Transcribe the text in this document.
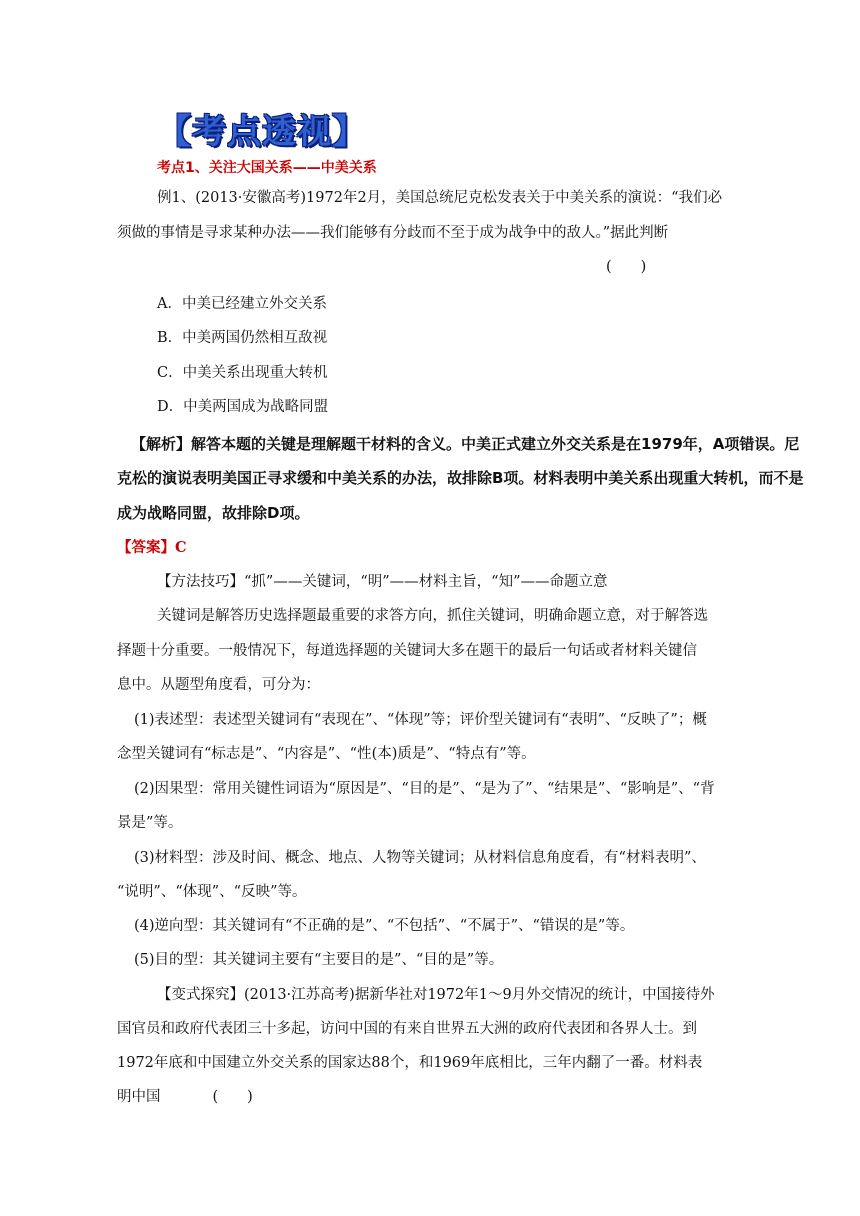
【考点透视】
考点1、关注大国关系——中美关系
例1、(2013·安徽高考)1972年2月，美国总统尼克松发表关于中美关系的演说：“我们必
须做的事情是寻求某种办法——我们能够有分歧而不至于成为战争中的敌人。”据此判断
(　　)
A．中美已经建立外交关系
B．中美两国仍然相互敌视
C．中美关系出现重大转机
D．中美两国成为战略同盟
【解析】解答本题的关键是理解题干材料的含义。中美正式建立外交关系是在1979年，A项错误。尼
克松的演说表明美国正寻求缓和中美关系的办法，故排除B项。材料表明中美关系出现重大转机，而不是
成为战略同盟，故排除D项。
【答案】C
【方法技巧】“抓”——关键词，“明”——材料主旨，“知”——命题立意
关键词是解答历史选择题最重要的求答方向，抓住关键词，明确命题立意，对于解答选
择题十分重要。一般情况下，每道选择题的关键词大多在题干的最后一句话或者材料关键信
息中。从题型角度看，可分为：
(1)表述型：表述型关键词有“表现在”、“体现”等；评价型关键词有“表明”、“反映了”；概
念型关键词有“标志是”、“内容是”、“性(本)质是”、“特点有”等。
(2)因果型：常用关键性词语为“原因是”、“目的是”、“是为了”、“结果是”、“影响是”、“背
景是”等。
(3)材料型：涉及时间、概念、地点、人物等关键词；从材料信息角度看，有“材料表明”、
“说明”、“体现”、“反映”等。
(4)逆向型：其关键词有“不正确的是”、“不包括”、“不属于”、“错误的是”等。
(5)目的型：其关键词主要有“主要目的是”、“目的是”等。
【变式探究】(2013·江苏高考)据新华社对1972年1～9月外交情况的统计，中国接待外
国官员和政府代表团三十多起，访问中国的有来自世界五大洲的政府代表团和各界人士。到
1972年底和中国建立外交关系的国家达88个，和1969年底相比，三年内翻了一番。材料表
明中国	(　　)
